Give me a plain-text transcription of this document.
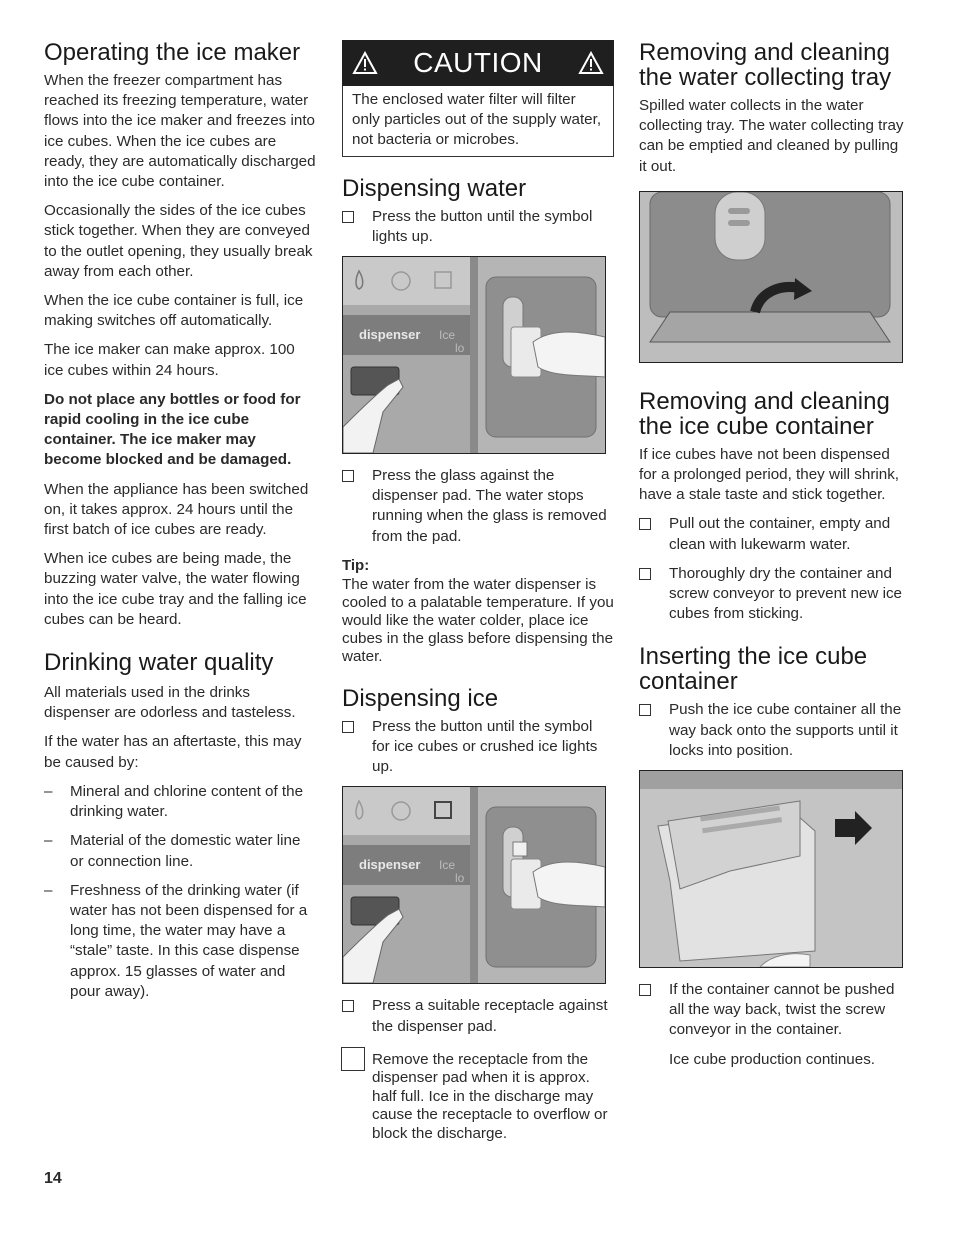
Operating the ice maker

When the freezer compartment has reached its freezing temperature, water flows into the ice maker and freezes into ice cubes. When the ice cubes are ready, they are automatically discharged into the ice cube container.

Occasionally the sides of the ice cubes stick together. When they are conveyed to the outlet opening, they usually break away from each other.

When the ice cube container is full, ice making switches off automatically.

The ice maker can make approx. 100 ice cubes within 24 hours.

Do not place any bottles or food for rapid cooling in the ice cube container. The ice maker may become blocked and be damaged.

When the appliance has been switched on, it takes approx. 24 hours until the first batch of ice cubes are ready.

When ice cubes are being made, the buzzing water valve, the water flowing into the ice cube tray and the falling ice cubes can be heard.

Drinking water quality

All materials used in the drinks dispenser are odorless and tasteless.

If the water has an aftertaste, this may be caused by:

– Mineral and chlorine content of the drinking water.
– Material of the domestic water line or connection line.
– Freshness of the drinking water (if water has not been dispensed for a long time, the water may have a “stale” taste. In this case dispense approx. 15 glasses of water and pour away).
CAUTION
The enclosed water filter will filter only particles out of the supply water, not bacteria or microbes.
Dispensing water
Press the button until the symbol lights up.
dispenser Ice
lo
Press the glass against the dispenser pad. The water stops running when the glass is removed from the pad.
Tip:
The water from the water dispenser is cooled to a palatable temperature. If you would like the water colder, place ice cubes in the glass before dispensing the water.
Dispensing ice
Press the button until the symbol for ice cubes or crushed ice lights up.
dispenser Ice
lo
Press a suitable receptacle against the dispenser pad.
Remove the receptacle from the dispenser pad when it is approx. half full. Ice in the discharge may cause the receptacle to overflow or block the discharge.
Removing and cleaning the water collecting tray

Spilled water collects in the water collecting tray. The water collecting tray can be emptied and cleaned by pulling it out.

Removing and cleaning the ice cube container

If ice cubes have not been dispensed for a prolonged period, they will shrink, have a stale taste and stick together.

Pull out the container, empty and clean with lukewarm water.
Thoroughly dry the container and screw conveyor to prevent new ice cubes from sticking.
Inserting the ice cube container
Push the ice cube container all the way back onto the supports until it locks into position.
If the container cannot be pushed all the way back, twist the screw conveyor in the container.

Ice cube production continues.

14
